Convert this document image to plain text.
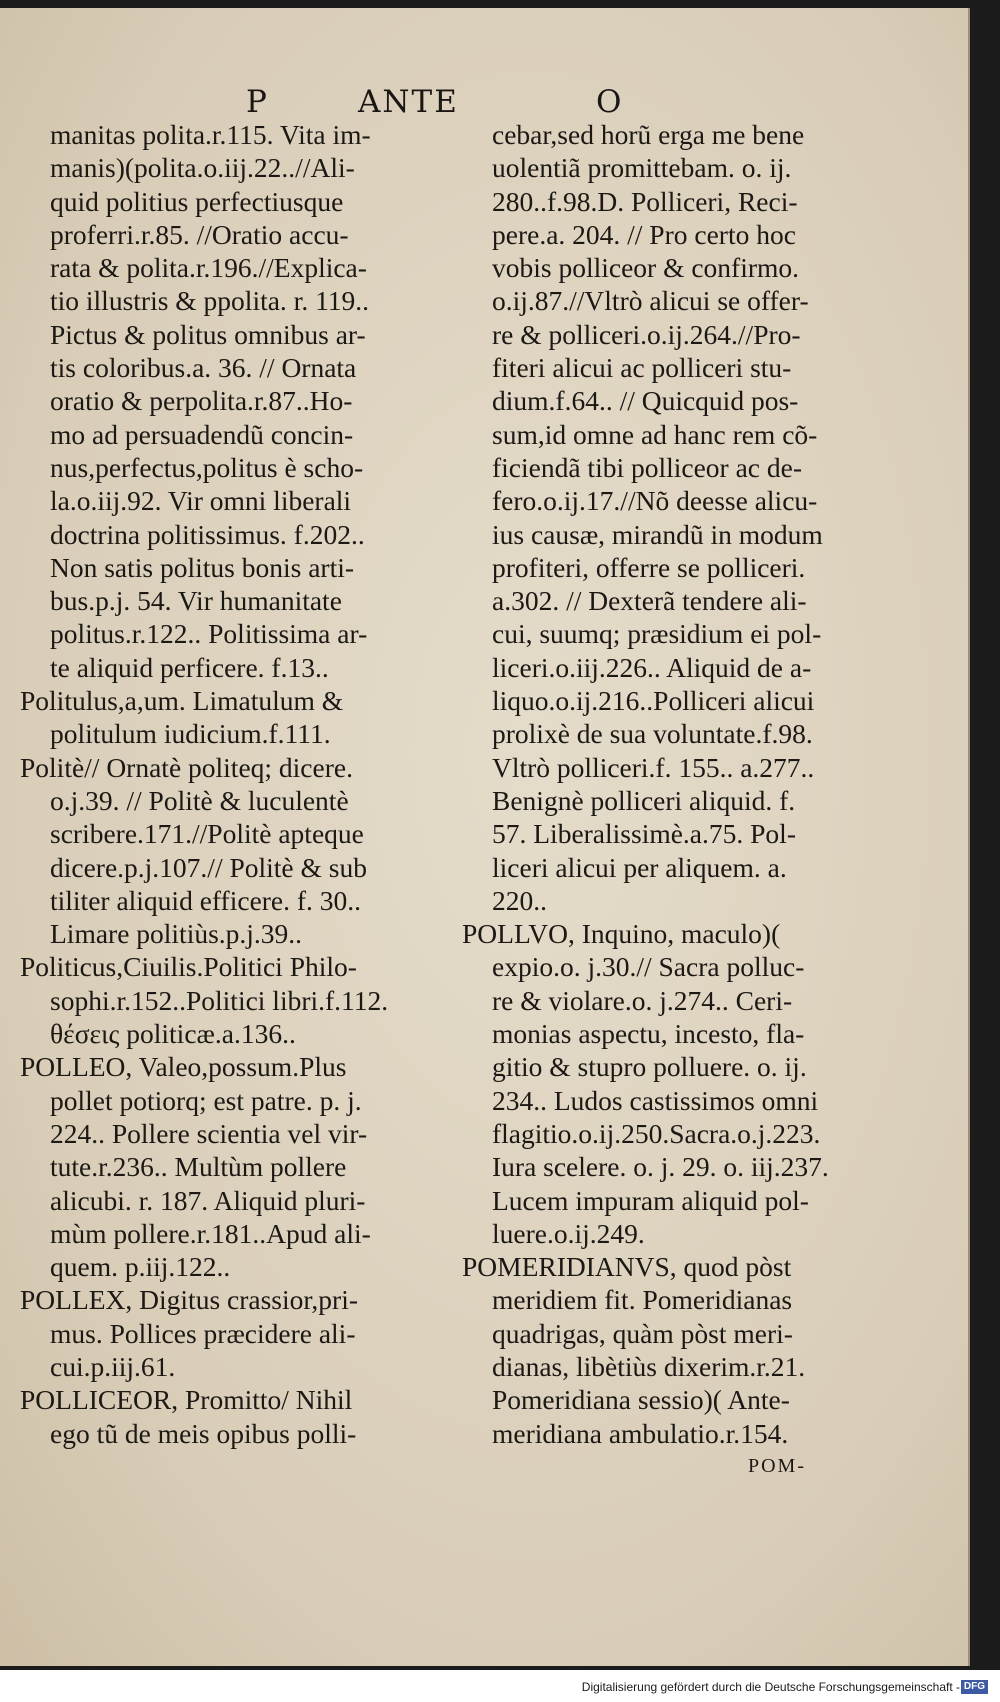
P	ANTE	O
manitas polita.r.115. Vita im-
manis)(polita.o.iij.22..//Ali-
quid politius perfectiusque
proferri.r.85. //Oratio accu-
rata & polita.r.196.//Explica-
tio illustris & ppolita. r. 119..
Pictus & politus omnibus ar-
tis coloribus.a. 36. // Ornata
oratio & perpolita.r.87..Ho-
mo ad persuadendũ concin-
nus,perfectus,politus è scho-
la.o.iij.92. Vir omni liberali
doctrina politissimus. f.202..
Non satis politus bonis arti-
bus.p.j. 54. Vir humanitate
politus.r.122.. Politissima ar-
te aliquid perficere. f.13..
Politulus,a,um. Limatulum &
politulum iudicium.f.111.
Politè// Ornatè politeq; dicere.
o.j.39. // Politè & luculentè
scribere.171.//Politè apteque
dicere.p.j.107.// Politè & sub
tiliter aliquid efficere. f. 30..
Limare politiùs.p.j.39..
Politicus,Ciuilis.Politici Philo-
sophi.r.152..Politici libri.f.112.
θέσεις politicæ.a.136..
POLLEO, Valeo,possum.Plus
pollet potiorq; est patre. p. j.
224.. Pollere scientia vel vir-
tute.r.236.. Multùm pollere
alicubi. r. 187. Aliquid pluri-
mùm pollere.r.181..Apud ali-
quem. p.iij.122..
POLLEX, Digitus crassior,pri-
mus. Pollices præcidere ali-
cui.p.iij.61.
POLLICEOR, Promitto/ Nihil
ego tũ de meis opibus polli-
cebar,sed horũ erga me bene
uolentiã promittebam. o. ij.
280..f.98.D. Polliceri, Reci-
pere.a. 204. // Pro certo hoc
vobis polliceor & confirmo.
o.ij.87.//Vltrò alicui se offer-
re & polliceri.o.ij.264.//Pro-
fiteri alicui ac polliceri stu-
dium.f.64.. // Quicquid pos-
sum,id omne ad hanc rem cõ-
ficiendã tibi polliceor ac de-
fero.o.ij.17.//Nõ deesse alicu-
ius causæ, mirandũ in modum
profiteri, offerre se polliceri.
a.302. // Dexterã tendere ali-
cui, suumq; præsidium ei pol-
liceri.o.iij.226.. Aliquid de a-
liquo.o.ij.216..Polliceri alicui
prolixè de sua voluntate.f.98.
Vltrò polliceri.f. 155.. a.277..
Benignè polliceri aliquid. f.
57. Liberalissimè.a.75. Pol-
liceri alicui per aliquem. a.
220..
POLLVO, Inquino, maculo)(
expio.o. j.30.// Sacra polluc-
re & violare.o. j.274.. Ceri-
monias aspectu, incesto, fla-
gitio & stupro polluere. o. ij.
234.. Ludos castissimos omni
flagitio.o.ij.250.Sacra.o.j.223.
Iura scelere. o. j. 29. o. iij.237.
Lucem impuram aliquid pol-
luere.o.ij.249.
POMERIDIANVS, quod pòst
meridiem fit. Pomeridianas
quadrigas, quàm pòst meri-
dianas, libètiùs dixerim.r.21.
Pomeridiana sessio)( Ante-
meridiana ambulatio.r.154.
POM-
Digitalisierung gefördert durch die Deutsche Forschungsgemeinschaft - DFG
